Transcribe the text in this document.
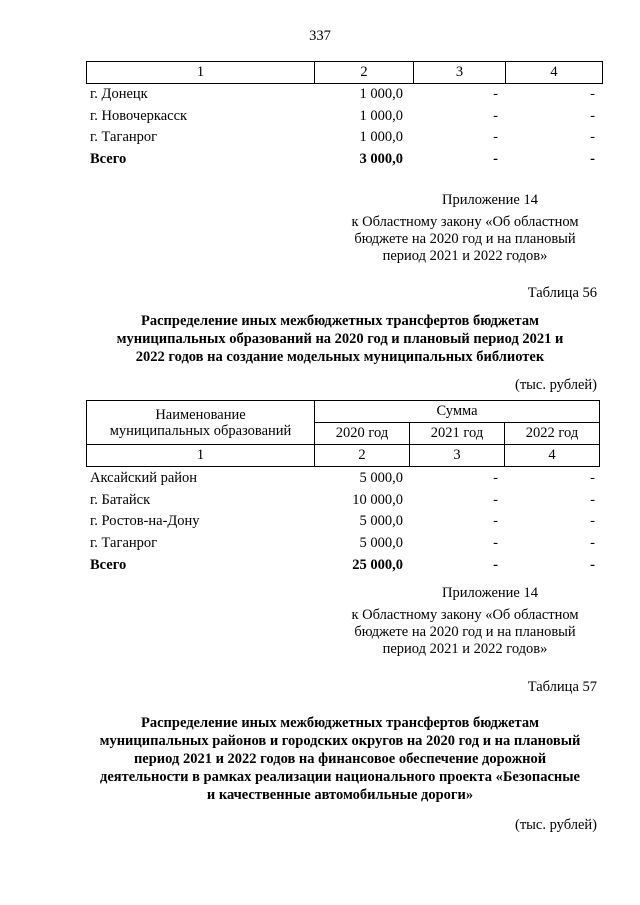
337
1	2	3	4
г. Донецк	1 000,0	-	-
г. Новочеркасск	1 000,0	-	-
г. Таганрог	1 000,0	-	-
Всего	3 000,0	-	-
Приложение 14
к Областному закону «Об областном
бюджете на 2020 год и на плановый
период 2021 и 2022 годов»
Таблица 56
Распределение иных межбюджетных трансфертов бюджетам
муниципальных образований на 2020 год и плановый период 2021 и
2022 годов на создание модельных муниципальных библиотек
(тыс. рублей)
Наименование
муниципальных образований	Сумма		
	2020 год	2021 год	2022 год
1	2	3	4
Аксайский район	5 000,0	-	-
г. Батайск	10 000,0	-	-
г. Ростов-на-Дону	5 000,0	-	-
г. Таганрог	5 000,0	-	-
Всего	25 000,0	-	-
Приложение 14
к Областному закону «Об областном
бюджете на 2020 год и на плановый
период 2021 и 2022 годов»
Таблица 57
Распределение иных межбюджетных трансфертов бюджетам
муниципальных районов и городских округов на 2020 год и на плановый
период 2021 и 2022 годов на финансовое обеспечение дорожной
деятельности в рамках реализации национального проекта «Безопасные
и качественные автомобильные дороги»
(тыс. рублей)
